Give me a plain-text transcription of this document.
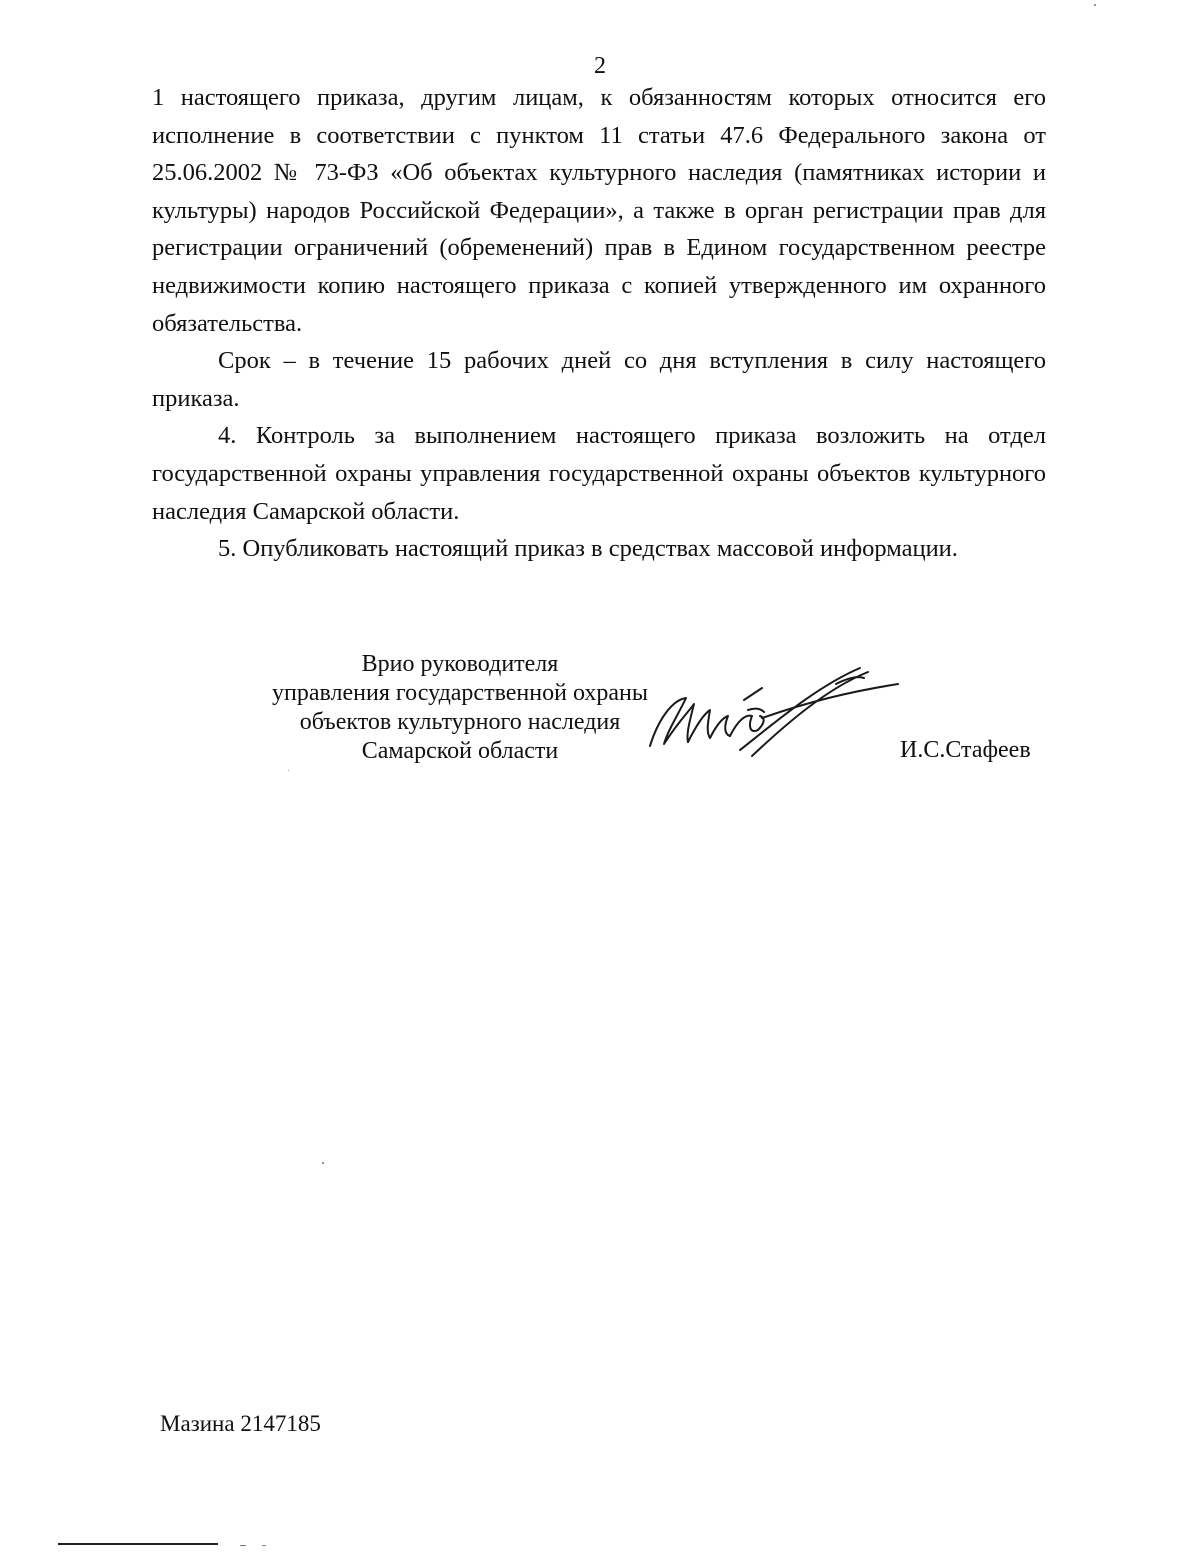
2

1 настоящего приказа, другим лицам, к обязанностям которых относится его исполнение в соответствии с пунктом 11 статьи 47.6 Федерального закона от 25.06.2002 № 73-ФЗ «Об объектах культурного наследия (памятниках истории и культуры) народов Российской Федерации», а также в орган регистрации прав для регистрации ограничений (обременений) прав в Едином государственном реестре недвижимости копию настоящего приказа с копией утвержденного им охранного обязательства.

Срок – в течение 15 рабочих дней со дня вступления в силу настоящего приказа.

4. Контроль за выполнением настоящего приказа возложить на отдел государственной охраны управления государственной охраны объектов культурного наследия Самарской области.

5. Опубликовать настоящий приказ в средствах массовой информации.

Врио руководителя
управления государственной охраны
объектов культурного наследия
Самарской области	И.С.Стафеев
Мазина 2147185
